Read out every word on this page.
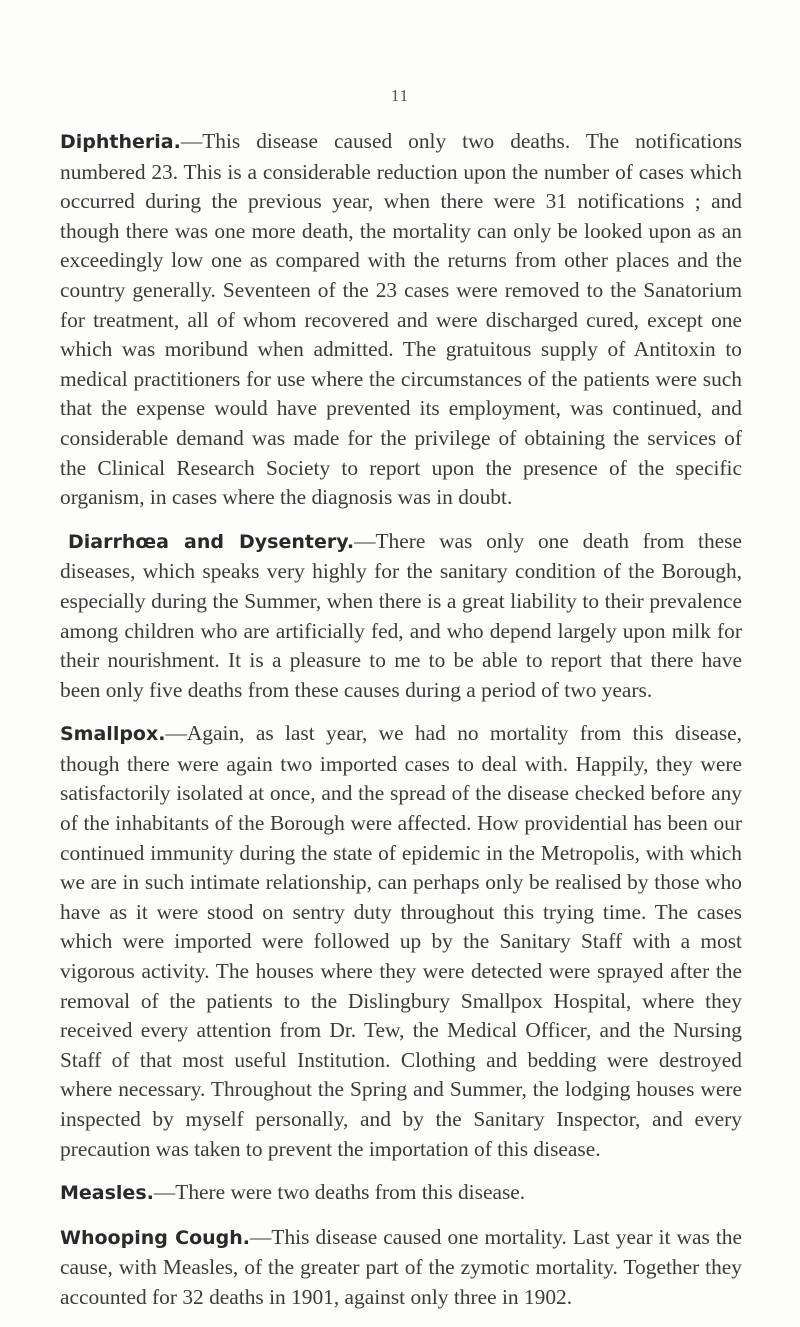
11

Diphtheria.—This disease caused only two deaths. The notifications numbered 23. This is a considerable reduction upon the number of cases which occurred during the previous year, when there were 31 notifications ; and though there was one more death, the mortality can only be looked upon as an exceedingly low one as compared with the returns from other places and the country generally. Seventeen of the 23 cases were removed to the Sanatorium for treatment, all of whom recovered and were discharged cured, except one which was moribund when admitted. The gratuitous supply of Antitoxin to medical practitioners for use where the circumstances of the patients were such that the expense would have prevented its employment, was continued, and considerable demand was made for the privilege of obtaining the services of the Clinical Research Society to report upon the presence of the specific organism, in cases where the diagnosis was in doubt.

Diarrhœa and Dysentery.—There was only one death from these diseases, which speaks very highly for the sanitary condition of the Borough, especially during the Summer, when there is a great liability to their prevalence among children who are artificially fed, and who depend largely upon milk for their nourishment. It is a pleasure to me to be able to report that there have been only five deaths from these causes during a period of two years.

Smallpox.—Again, as last year, we had no mortality from this disease, though there were again two imported cases to deal with. Happily, they were satisfactorily isolated at once, and the spread of the disease checked before any of the inhabitants of the Borough were affected. How providential has been our continued immunity during the state of epidemic in the Metropolis, with which we are in such intimate relationship, can perhaps only be realised by those who have as it were stood on sentry duty throughout this trying time. The cases which were imported were followed up by the Sanitary Staff with a most vigorous activity. The houses where they were detected were sprayed after the removal of the patients to the Dislingbury Smallpox Hospital, where they received every attention from Dr. Tew, the Medical Officer, and the Nursing Staff of that most useful Institution. Clothing and bedding were destroyed where necessary. Throughout the Spring and Summer, the lodging houses were inspected by myself personally, and by the Sanitary Inspector, and every precaution was taken to prevent the importation of this disease.

Measles.—There were two deaths from this disease.

Whooping Cough.—This disease caused one mortality. Last year it was the cause, with Measles, of the greater part of the zymotic mortality. Together they accounted for 32 deaths in 1901, against only three in 1902.
